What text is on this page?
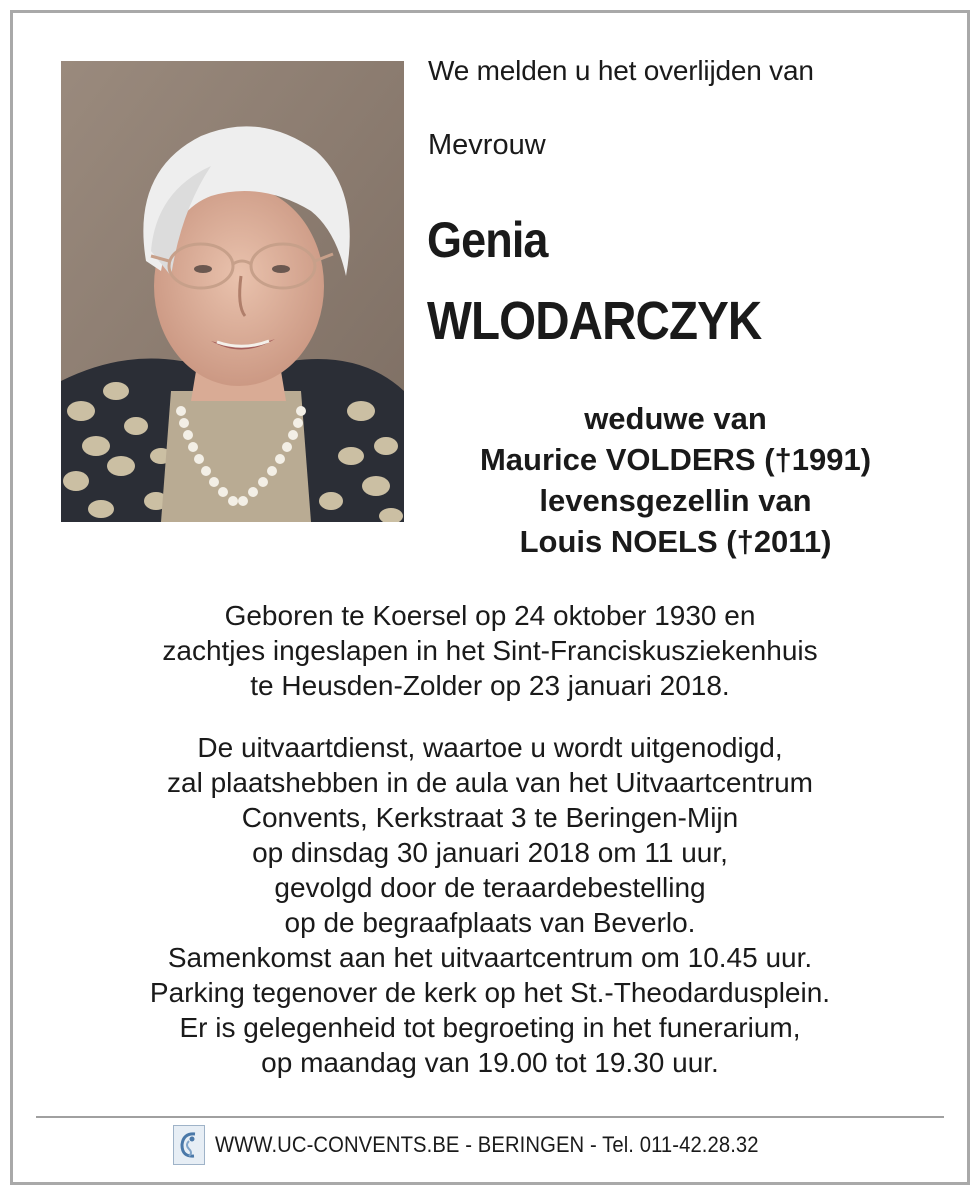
We melden u het overlijden van
Mevrouw
Genia
WLODARCZYK
weduwe van
Maurice VOLDERS (†1991)
levensgezellin van
Louis NOELS (†2011)
Geboren te Koersel op 24 oktober 1930 en
zachtjes ingeslapen in het Sint-Franciskusziekenhuis
te Heusden-Zolder op 23 januari 2018.
De uitvaartdienst, waartoe u wordt uitgenodigd,
zal plaatshebben in de aula van het Uitvaartcentrum
Convents, Kerkstraat 3 te Beringen-Mijn
op dinsdag 30 januari 2018 om 11 uur,
gevolgd door de teraardebestelling
op de begraafplaats van Beverlo.
Samenkomst aan het uitvaartcentrum om 10.45 uur.
Parking tegenover de kerk op het St.-Theodardusplein.
Er is gelegenheid tot begroeting in het funerarium,
op maandag van 19.00 tot 19.30 uur.
WWW.UC-CONVENTS.BE - BERINGEN - Tel. 011-42.28.32
